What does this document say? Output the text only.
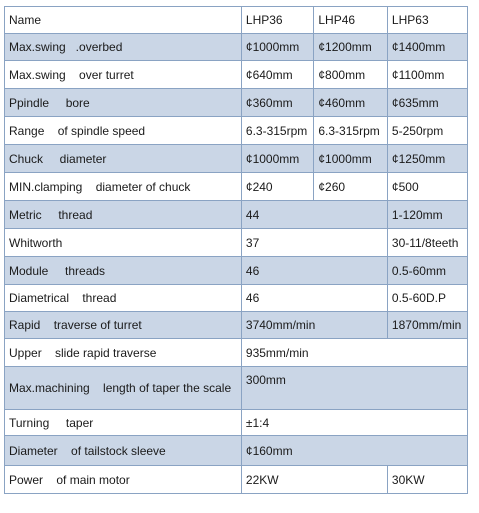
Name	LHP36	LHP46	LHP63
Max.swing   .overbed	¢1000mm	¢1200mm	¢1400mm
Max.swing    over turret	¢640mm	¢800mm	¢1100mm
Ppindle     bore	¢360mm	¢460mm	¢635mm
Range    of spindle speed	6.3-315rpm	6.3-315rpm	5-250rpm
Chuck     diameter	¢1000mm	¢1000mm	¢1250mm
MIN.clamping    diameter of chuck	¢240	¢260	¢500
Metric     thread	44		1-120mm
Whitworth	37		30-11/8teeth
Module     threads	46		0.5-60mm
Diametrical    thread	46		0.5-60D.P
Rapid    traverse of turret	3740mm/min		1870mm/min
Upper    slide rapid traverse	935mm/min		
Max.machining    length of taper the scale	300mm		
Turning     taper	±1:4		
Diameter    of tailstock sleeve	¢160mm		
Power    of main motor	22KW		30KW
